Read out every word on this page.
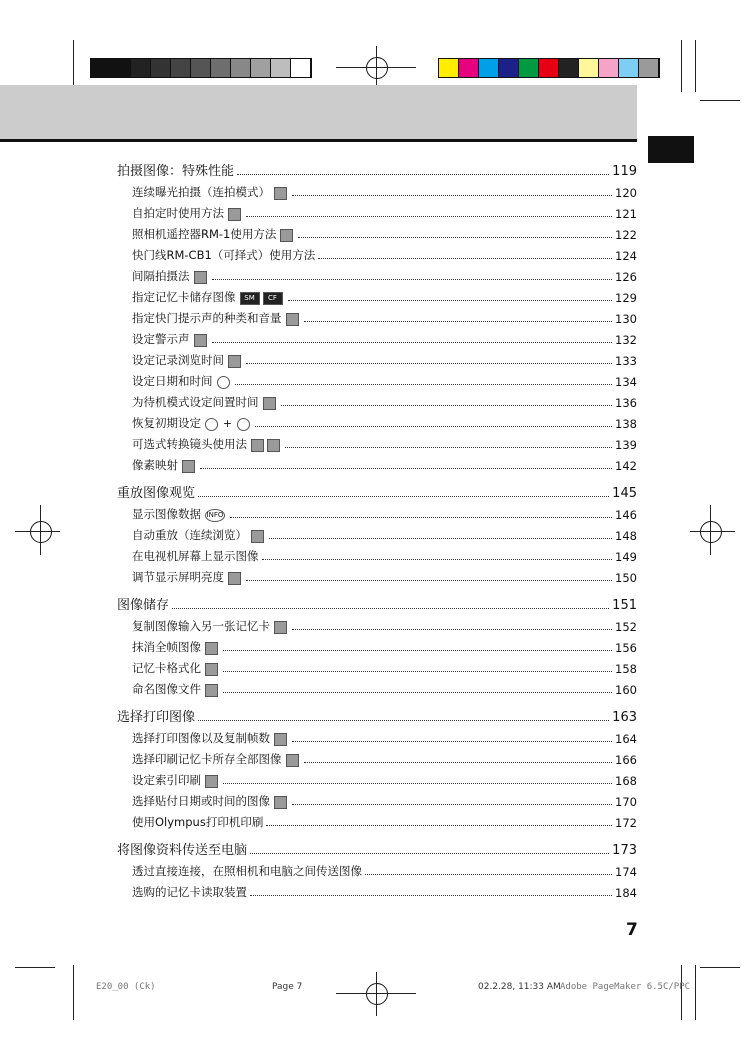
拍摄图像：特殊性能	119
连续曝光拍摄（连拍模式）	120
自拍定时使用方法	121
照相机遥控器RM-1使用方法	122
快门线RM-CB1（可择式）使用方法	124
间隔拍摄法	126
指定记忆卡储存图像	SM	CF	129
指定快门提示声的种类和音量	130
设定警示声	132
设定记录浏览时间	133
设定日期和时间	134
为待机模式设定间置时间	136
恢复初期设定 +	138
可选式转换镜头使用法	139
像素映射	142
重放图像观览	145
显示图像数据 INFO	146
自动重放（连续浏览）	148
在电视机屏幕上显示图像	149
调节显示屏明亮度	150
图像储存	151
复制图像输入另一张记忆卡	152
抹消全帧图像	156
记忆卡格式化	158
命名图像文件	160
选择打印图像	163
选择打印图像以及复制帧数	164
选择印刷记忆卡所存全部图像	166
设定索引印刷	168
选择贴付日期或时间的图像	170
使用Olympus打印机印刷	172
将图像资料传送至电脑	173
透过直接连接，在照相机和电脑之间传送图像	174
选购的记忆卡读取装置	184
7
E20_00 (Ck)	Page 7	02.2.28, 11:33 AM Adobe PageMaker 6.5C/PPC
